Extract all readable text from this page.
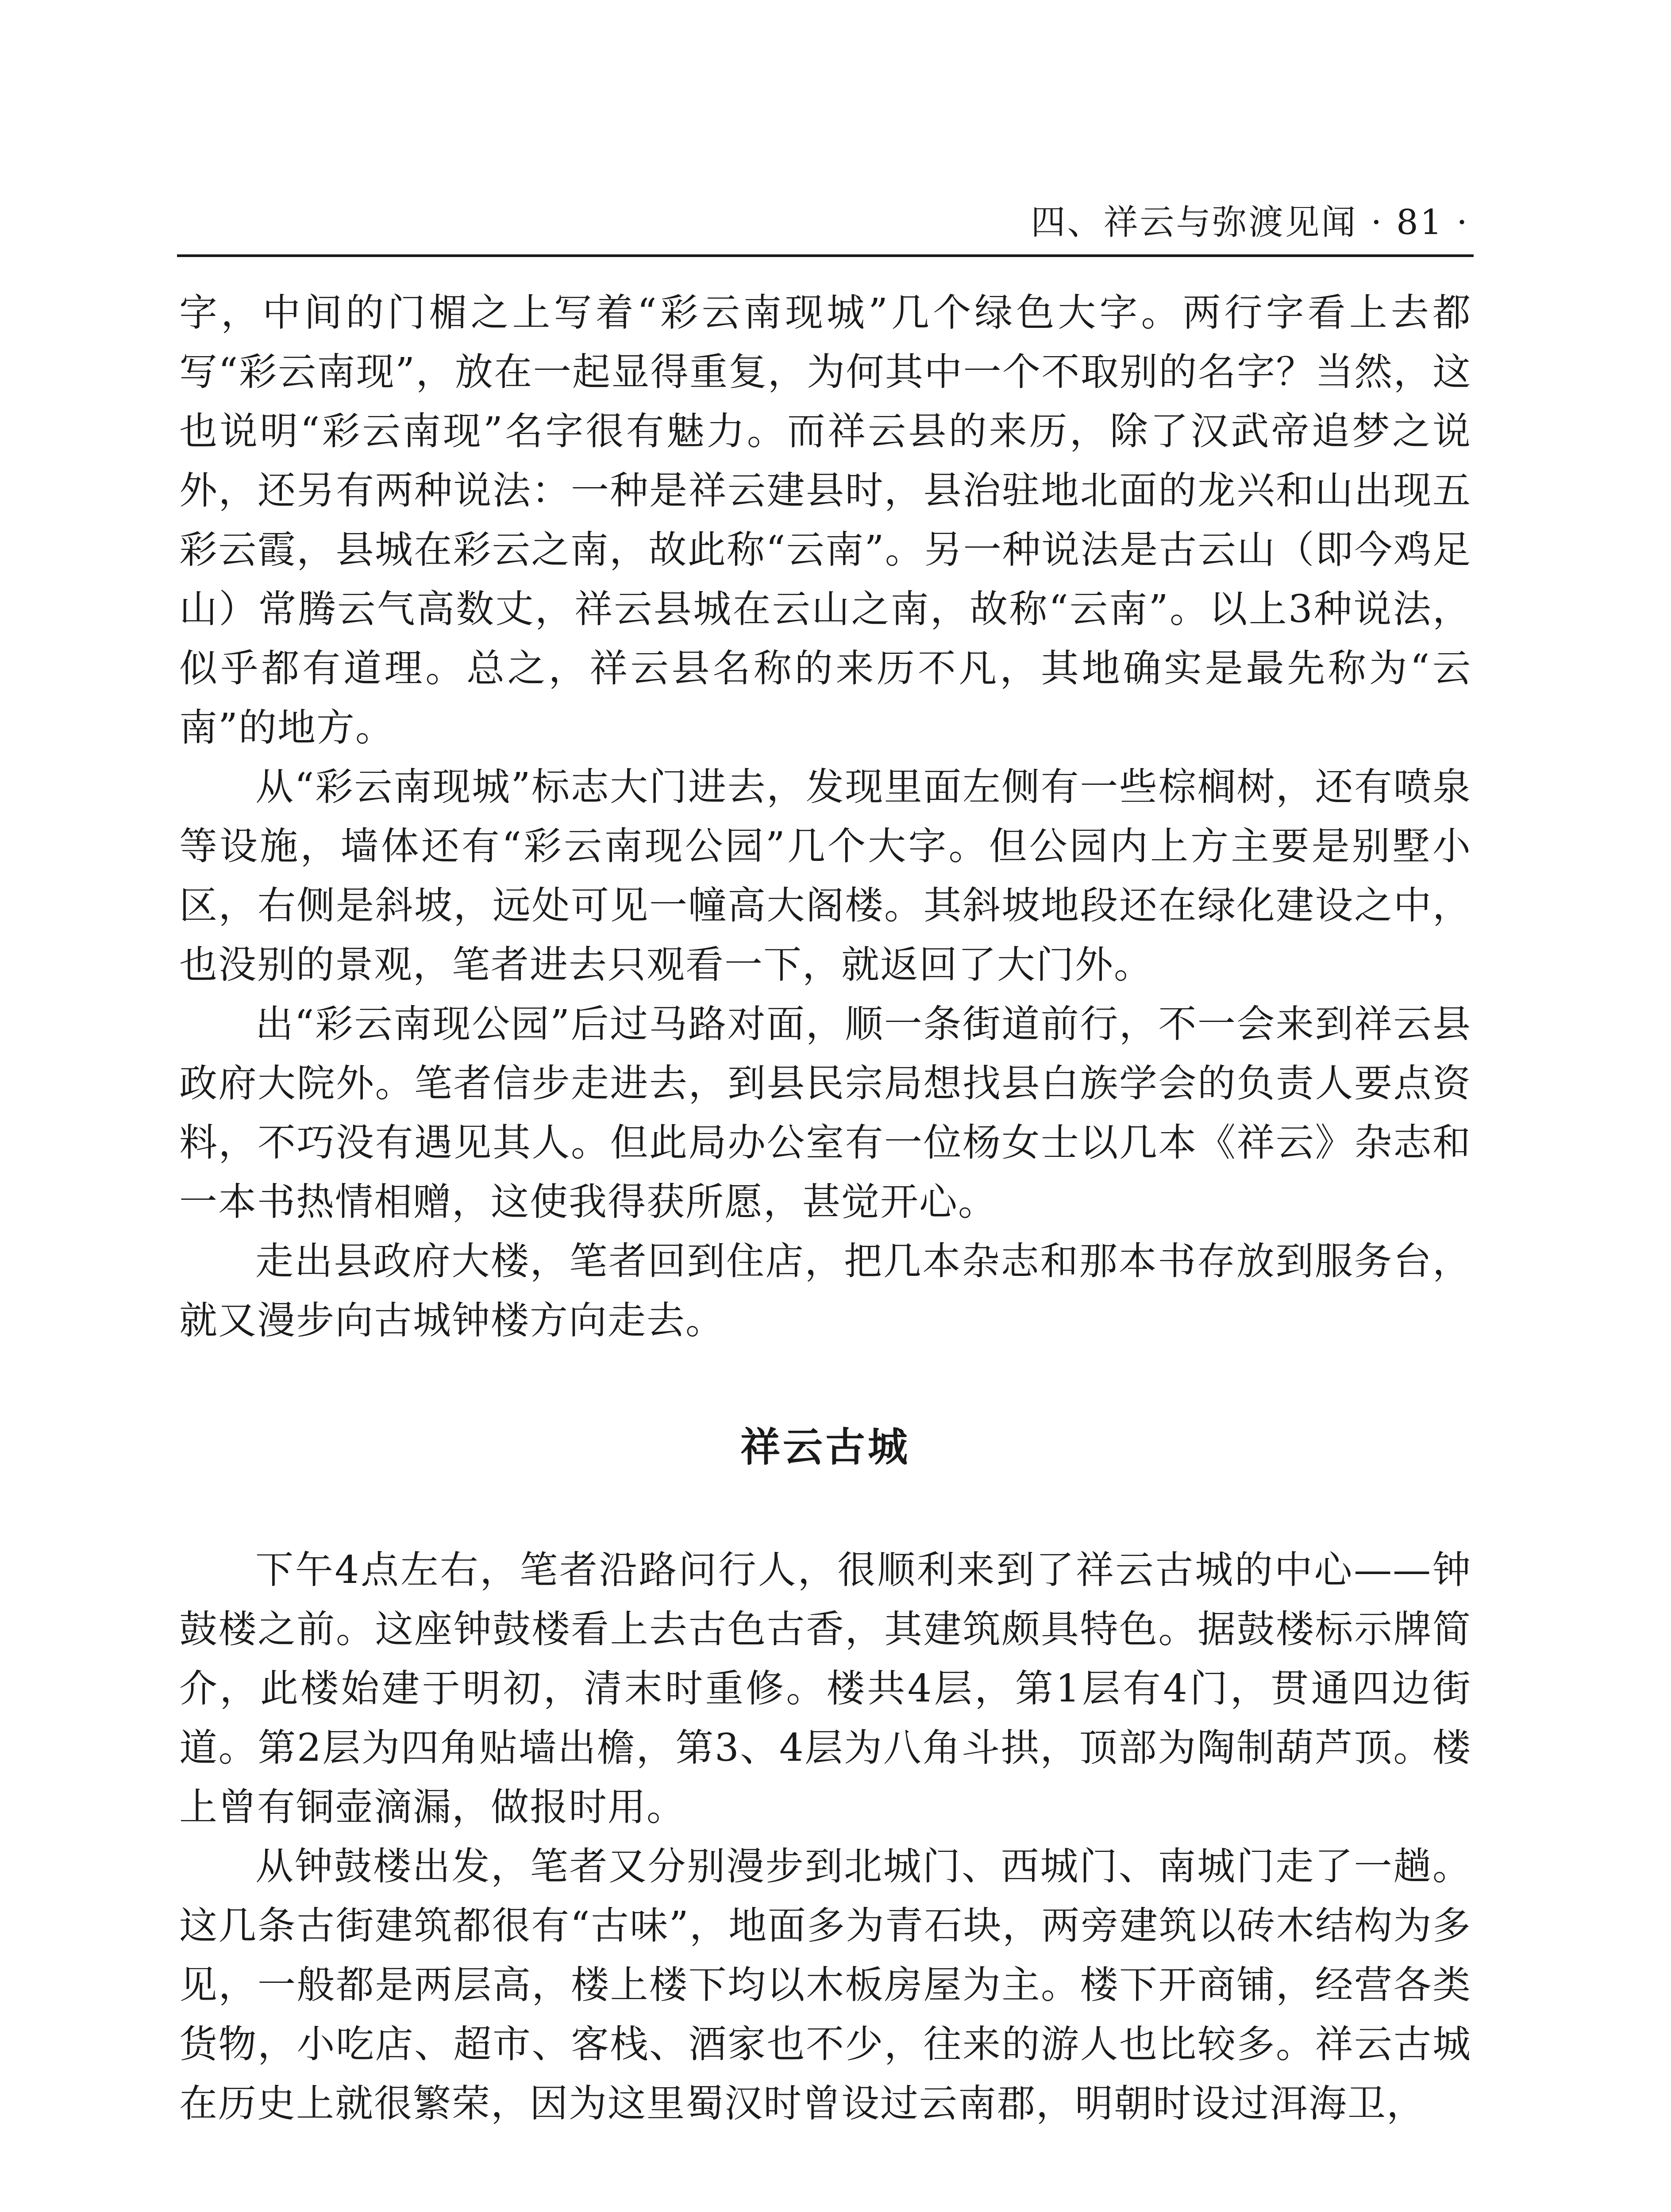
四、祥云与弥渡见闻 · 81 ·

字，中间的门楣之上写着“彩云南现城”几个绿色大字。两行字看上去都写“彩云南现”，放在一起显得重复，为何其中一个不取别的名字？当然，这也说明“彩云南现”名字很有魅力。而祥云县的来历，除了汉武帝追梦之说外，还另有两种说法：一种是祥云建县时，县治驻地北面的龙兴和山出现五彩云霞，县城在彩云之南，故此称“云南”。另一种说法是古云山（即今鸡足山）常腾云气高数丈，祥云县城在云山之南，故称“云南”。以上3种说法，似乎都有道理。总之，祥云县名称的来历不凡，其地确实是最先称为“云南”的地方。

从“彩云南现城”标志大门进去，发现里面左侧有一些棕榈树，还有喷泉等设施，墙体还有“彩云南现公园”几个大字。但公园内上方主要是别墅小区，右侧是斜坡，远处可见一幢高大阁楼。其斜坡地段还在绿化建设之中，也没别的景观，笔者进去只观看一下，就返回了大门外。

出“彩云南现公园”后过马路对面，顺一条街道前行，不一会来到祥云县政府大院外。笔者信步走进去，到县民宗局想找县白族学会的负责人要点资料，不巧没有遇见其人。但此局办公室有一位杨女士以几本《祥云》杂志和一本书热情相赠，这使我得获所愿，甚觉开心。

走出县政府大楼，笔者回到住店，把几本杂志和那本书存放到服务台，就又漫步向古城钟楼方向走去。

祥云古城

下午4点左右，笔者沿路问行人，很顺利来到了祥云古城的中心——钟鼓楼之前。这座钟鼓楼看上去古色古香，其建筑颇具特色。据鼓楼标示牌简介，此楼始建于明初，清末时重修。楼共4层，第1层有4门，贯通四边街道。第2层为四角贴墙出檐，第3、4层为八角斗拱，顶部为陶制葫芦顶。楼上曾有铜壶滴漏，做报时用。

从钟鼓楼出发，笔者又分别漫步到北城门、西城门、南城门走了一趟。这几条古街建筑都很有“古味”，地面多为青石块，两旁建筑以砖木结构为多见，一般都是两层高，楼上楼下均以木板房屋为主。楼下开商铺，经营各类货物，小吃店、超市、客栈、酒家也不少，往来的游人也比较多。祥云古城在历史上就很繁荣，因为这里蜀汉时曾设过云南郡，明朝时设过洱海卫，
